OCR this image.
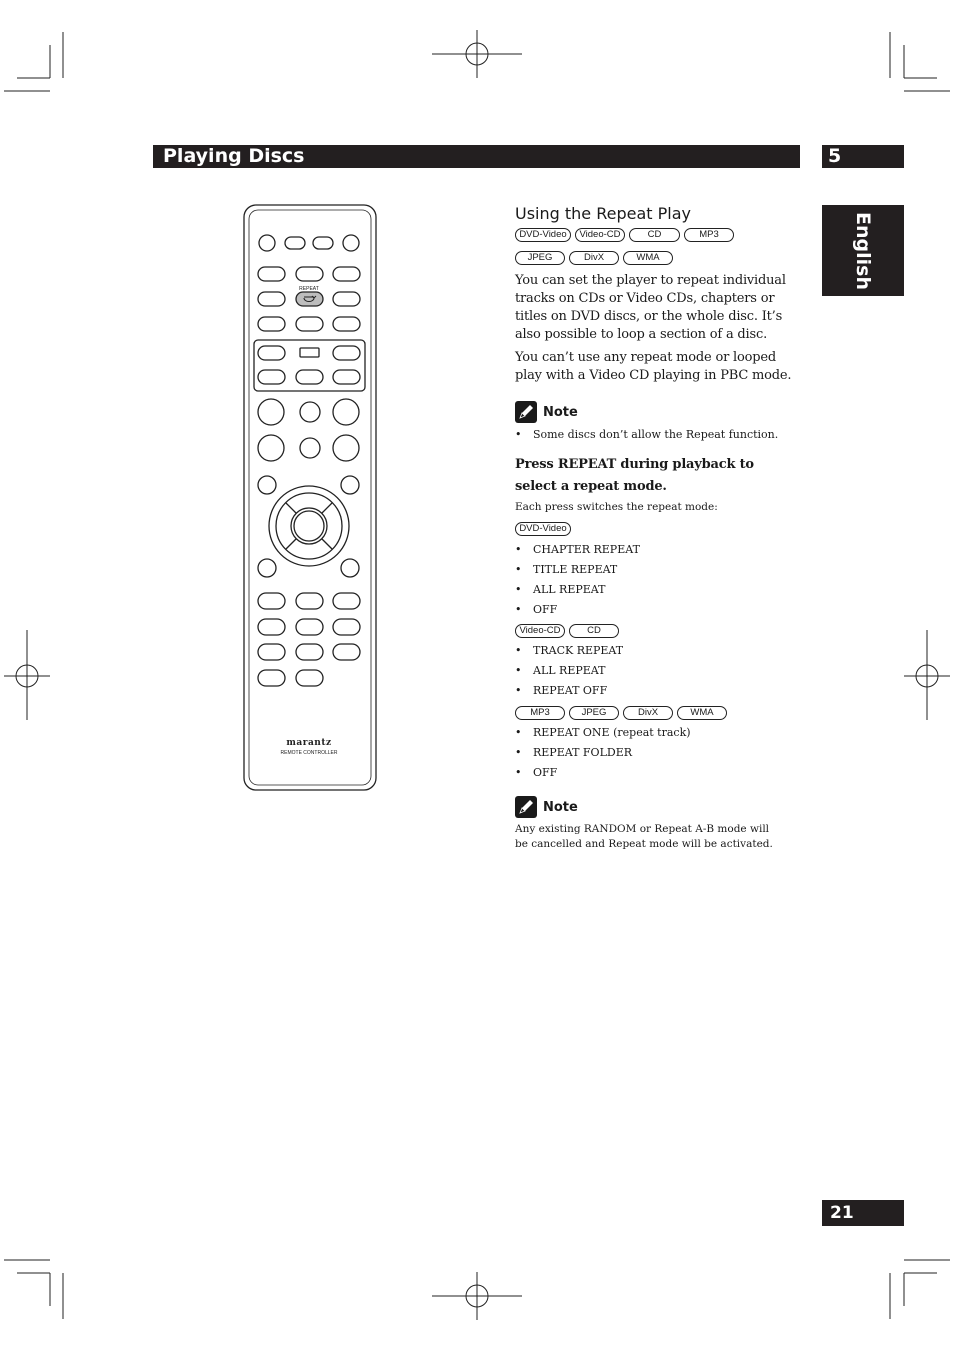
Playing Discs	5
English
21
REPEAT
marantz
REMOTE CONTROLLER
Using the Repeat Play
DVD-Video	Video-CD	CD	MP3
JPEG	DivX	WMA
You can set the player to repeat individual tracks on CDs or Video CDs, chapters or titles on DVD discs, or the whole disc. It’s also possible to loop a section of a disc.
You can’t use any repeat mode or looped play with a Video CD playing in PBC mode.
Note
• Some discs don’t allow the Repeat function.
Press REPEAT during playback to select a repeat mode.
Each press switches the repeat mode:
DVD-Video
• CHAPTER REPEAT
• TITLE REPEAT
• ALL REPEAT
• OFF
Video-CD	CD
• TRACK REPEAT
• ALL REPEAT
• REPEAT OFF
MP3	JPEG	DivX	WMA
• REPEAT ONE (repeat track)
• REPEAT FOLDER
• OFF
Note
Any existing RANDOM or Repeat A-B mode will be cancelled and Repeat mode will be activated.
